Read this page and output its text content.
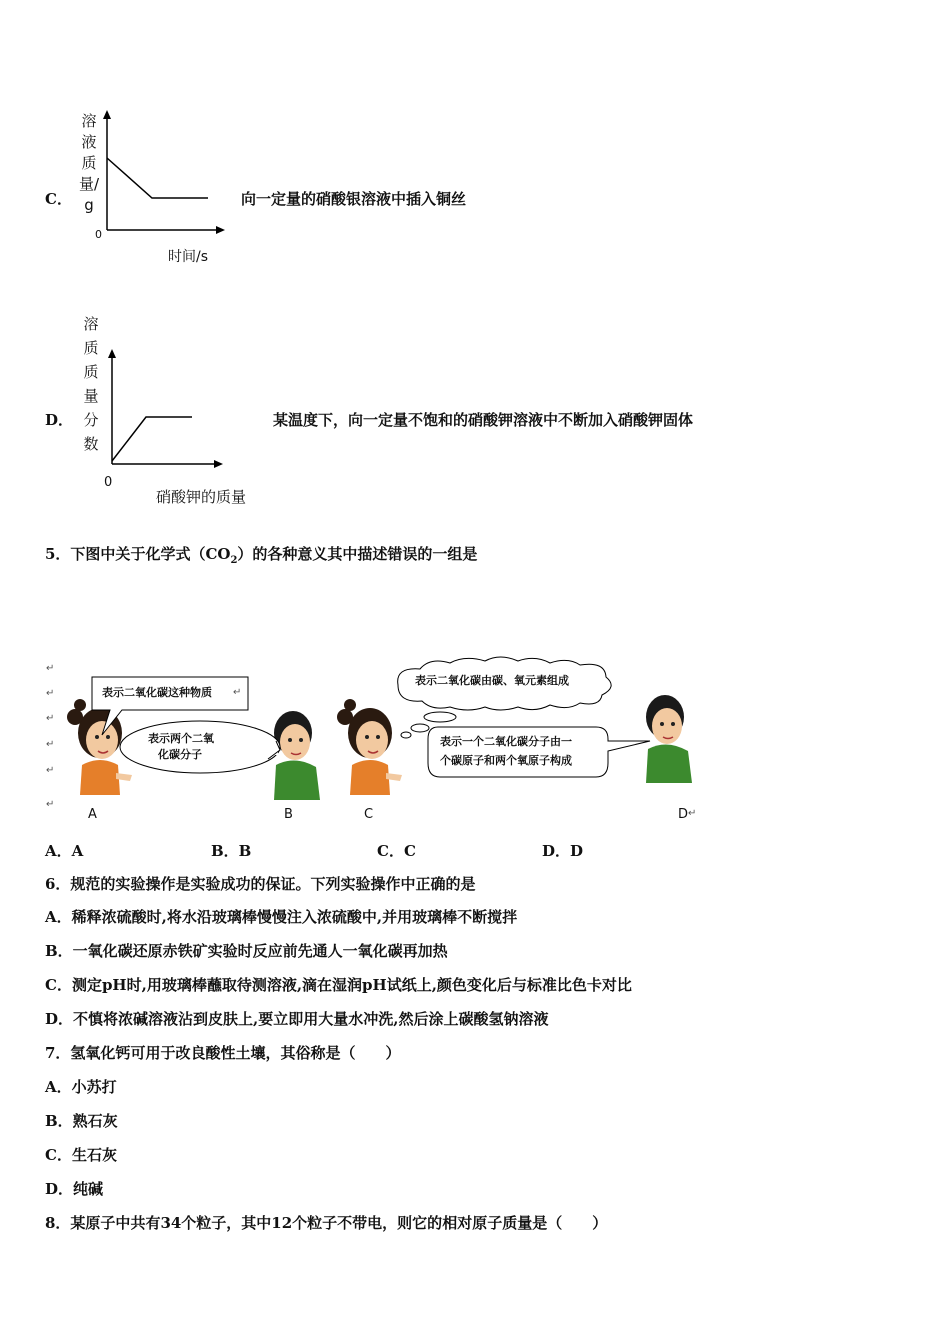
C．
溶液质量/g
0
时间/s
向一定量的硝酸银溶液中插入铜丝
D．
溶质质量分数
0
硝酸钾的质量
某温度下，向一定量不饱和的硝酸钾溶液中不断加入硝酸钾固体
5．下图中关于化学式$(CO_2)$的各种意义其中描述错误的一组是
↵
↵
↵
↵
↵
↵
表示二氧化碳这种物质 ↵
表示两个二氧
化碳分子
表示二氧化碳由碳、氧元素组成
表示一个二氧化碳分子由一
个碳原子和两个氧原子构成
A	B	C	D ↵
A．A	B．B	C．C	D．D
6．规范的实验操作是实验成功的保证。下列实验操作中正确的是
A．稀释浓硫酸时,将水沿玻璃棒慢慢注入浓硫酸中,并用玻璃棒不断搅拌
B．一氧化碳还原赤铁矿实验时反应前先通人一氧化碳再加热
C．测定pH时,用玻璃棒蘸取待测溶液,滴在湿润pH试纸上,颜色变化后与标准比色卡对比
D．不慎将浓碱溶液沾到皮肤上,要立即用大量水冲洗,然后涂上碳酸氢钠溶液
7．氢氧化钙可用于改良酸性土壤，其俗称是（　　）
A．小苏打
B．熟石灰
C．生石灰
D．纯碱
8．某原子中共有34个粒子，其中12个粒子不带电，则它的相对原子质量是（　　）
